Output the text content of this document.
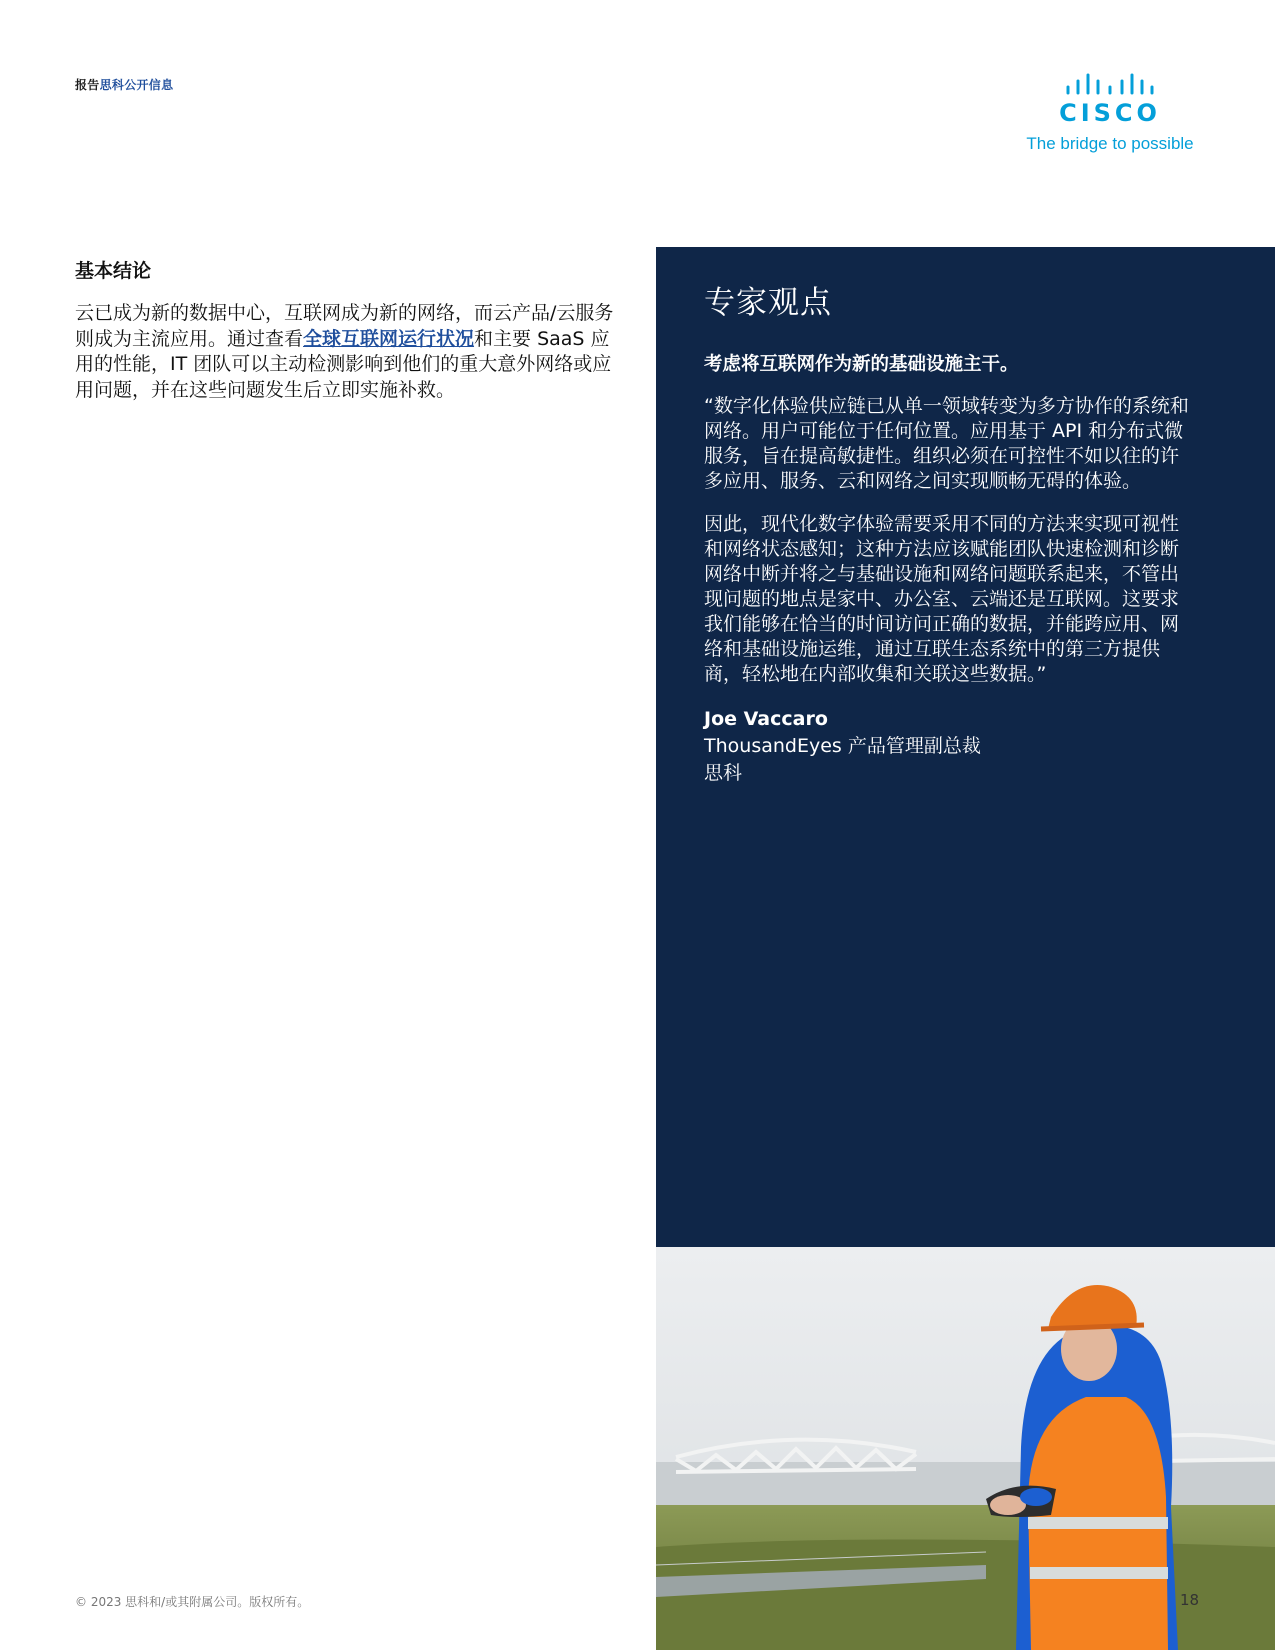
报告思科公开信息
CISCO
The bridge to possible
基本结论

云已成为新的数据中心，互联网成为新的网络，而云产品/云服务则成为主流应用。通过查看全球互联网运行状况和主要 SaaS 应用的性能，IT 团队可以主动检测影响到他们的重大意外网络或应用问题，并在这些问题发生后立即实施补救。

专家观点
考虑将互联网作为新的基础设施主干。

“数字化体验供应链已从单一领域转变为多方协作的系统和网络。用户可能位于任何位置。应用基于 API 和分布式微服务，旨在提高敏捷性。组织必须在可控性不如以往的许多应用、服务、云和网络之间实现顺畅无碍的体验。

因此，现代化数字体验需要采用不同的方法来实现可视性和网络状态感知；这种方法应该赋能团队快速检测和诊断网络中断并将之与基础设施和网络问题联系起来，不管出现问题的地点是家中、办公室、云端还是互联网。这要求我们能够在恰当的时间访问正确的数据，并能跨应用、网络和基础设施运维，通过互联生态系统中的第三方提供商，轻松地在内部收集和关联这些数据。”

Joe Vaccaro
ThousandEyes 产品管理副总裁
思科
© 2023 思科和/或其附属公司。版权所有。	18
